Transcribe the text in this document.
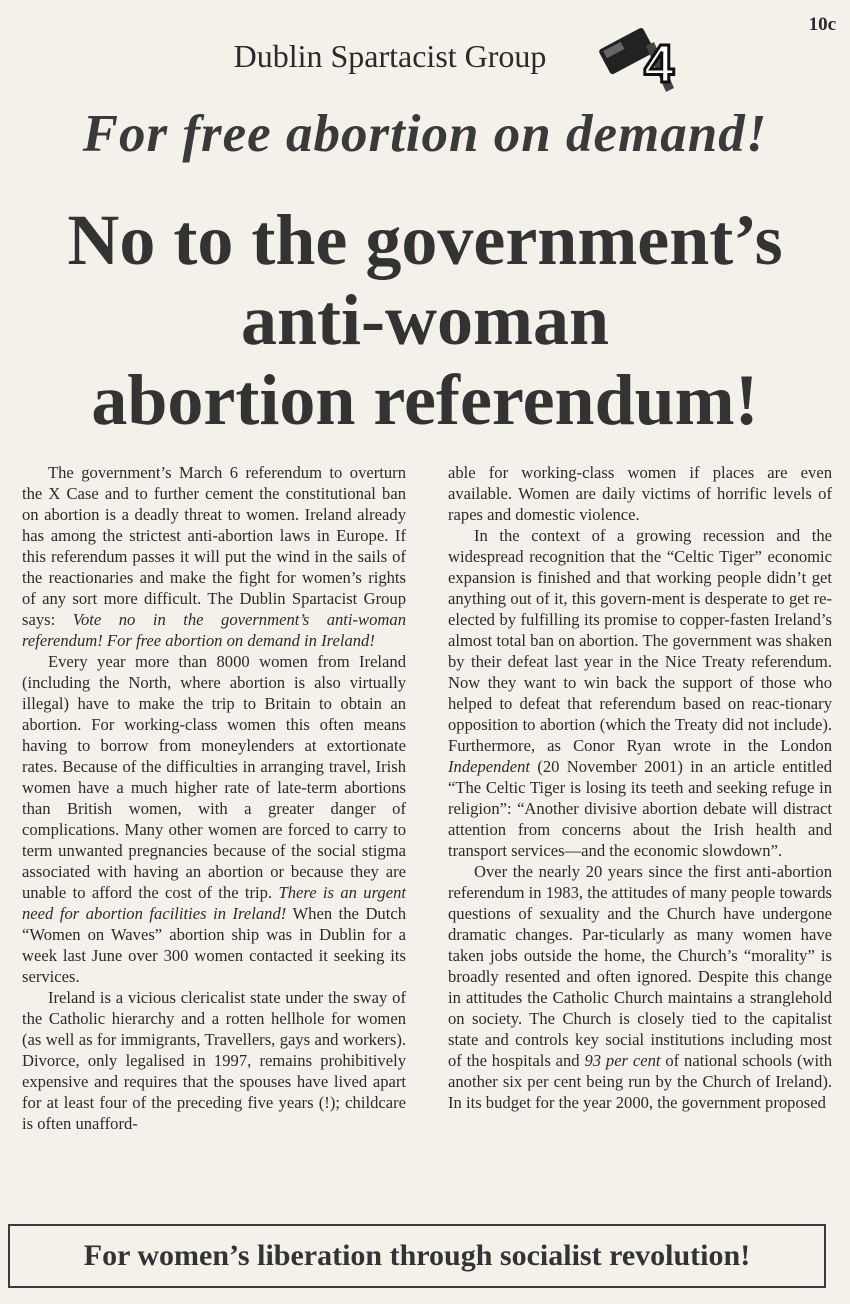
10c
Dublin Spartacist Group	4
For free abortion on demand!
No to the government’s
anti-woman
abortion referendum!

The government’s March 6 referendum to overturn the X Case and to further cement the constitutional ban on abortion is a deadly threat to women. Ireland already has among the strictest anti-abortion laws in Europe. If this referendum passes it will put the wind in the sails of the reactionaries and make the fight for women’s rights of any sort more difficult. The Dublin Spartacist Group says: Vote no in the government’s anti-woman referendum! For free abortion on demand in Ireland!

Every year more than 8000 women from Ireland (including the North, where abortion is also virtually illegal) have to make the trip to Britain to obtain an abortion. For working-class women this often means having to borrow from moneylenders at extortionate rates. Because of the difficulties in arranging travel, Irish women have a much higher rate of late-term abortions than British women, with a greater danger of complications. Many other women are forced to carry to term unwanted pregnancies because of the social stigma associated with having an abortion or because they are unable to afford the cost of the trip. There is an urgent need for abortion facilities in Ireland! When the Dutch “Women on Waves” abortion ship was in Dublin for a week last June over 300 women contacted it seeking its services.

Ireland is a vicious clericalist state under the sway of the Catholic hierarchy and a rotten hellhole for women (as well as for immigrants, Travellers, gays and workers). Divorce, only legalised in 1997, remains prohibitively expensive and requires that the spouses have lived apart for at least four of the preceding five years (!); childcare is often unafford-

able for working-class women if places are even available. Women are daily victims of horrific levels of rapes and domestic violence.

In the context of a growing recession and the widespread recognition that the “Celtic Tiger” economic expansion is finished and that working people didn’t get anything out of it, this govern-ment is desperate to get re-elected by fulfilling its promise to copper-fasten Ireland’s almost total ban on abortion. The government was shaken by their defeat last year in the Nice Treaty referendum. Now they want to win back the support of those who helped to defeat that referendum based on reac-tionary opposition to abortion (which the Treaty did not include). Furthermore, as Conor Ryan wrote in the London Independent (20 November 2001) in an article entitled “The Celtic Tiger is losing its teeth and seeking refuge in religion”: “Another divisive abortion debate will distract attention from concerns about the Irish health and transport services—and the economic slowdown”.

Over the nearly 20 years since the first anti-abortion referendum in 1983, the attitudes of many people towards questions of sexuality and the Church have undergone dramatic changes. Par-ticularly as many women have taken jobs outside the home, the Church’s “morality” is broadly resented and often ignored. Despite this change in attitudes the Catholic Church maintains a stranglehold on society. The Church is closely tied to the capitalist state and controls key social institutions including most of the hospitals and 93 per cent of national schools (with another six per cent being run by the Church of Ireland). In its budget for the year 2000, the government proposed

For women’s liberation through socialist revolution!
